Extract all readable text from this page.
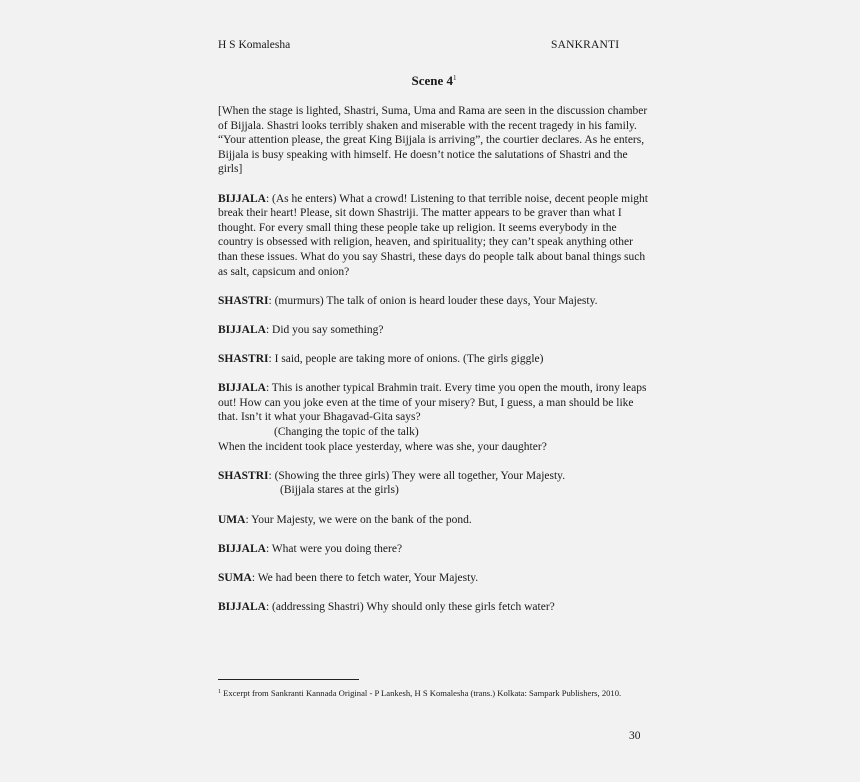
H S Komalesha	SANKRANTI

Scene $4^1$

[When the stage is lighted, Shastri, Suma, Uma and Rama are seen in the discussion chamber of Bijjala. Shastri looks terribly shaken and miserable with the recent tragedy in his family. “Your attention please, the great King Bijjala is arriving”, the courtier declares. As he enters, Bijjala is busy speaking with himself. He doesn’t notice the salutations of Shastri and the girls]

BIJJALA: (As he enters) What a crowd! Listening to that terrible noise, decent people might break their heart! Please, sit down Shastriji. The matter appears to be graver than what I thought. For every small thing these people take up religion. It seems everybody in the country is obsessed with religion, heaven, and spirituality; they can’t speak anything other than these issues. What do you say Shastri, these days do people talk about banal things such as salt, capsicum and onion?

SHASTRI: (murmurs) The talk of onion is heard louder these days, Your Majesty.

BIJJALA: Did you say something?

SHASTRI: I said, people are taking more of onions. (The girls giggle)

BIJJALA: This is another typical Brahmin trait. Every time you open the mouth, irony leaps out! How can you joke even at the time of your misery? But, I guess, a man should be like that. Isn’t it what your Bhagavad-Gita says?
(Changing the topic of the talk)
When the incident took place yesterday, where was she, your daughter?
SHASTRI: (Showing the three girls) They were all together, Your Majesty.
(Bijjala stares at the girls)

UMA: Your Majesty, we were on the bank of the pond.

BIJJALA: What were you doing there?

SUMA: We had been there to fetch water, Your Majesty.

BIJJALA: (addressing Shastri) Why should only these girls fetch water?

$^1$ Excerpt from Sankranti Kannada Original - P Lankesh, H S Komalesha (trans.) Kolkata: Sampark Publishers, 2010.

30
